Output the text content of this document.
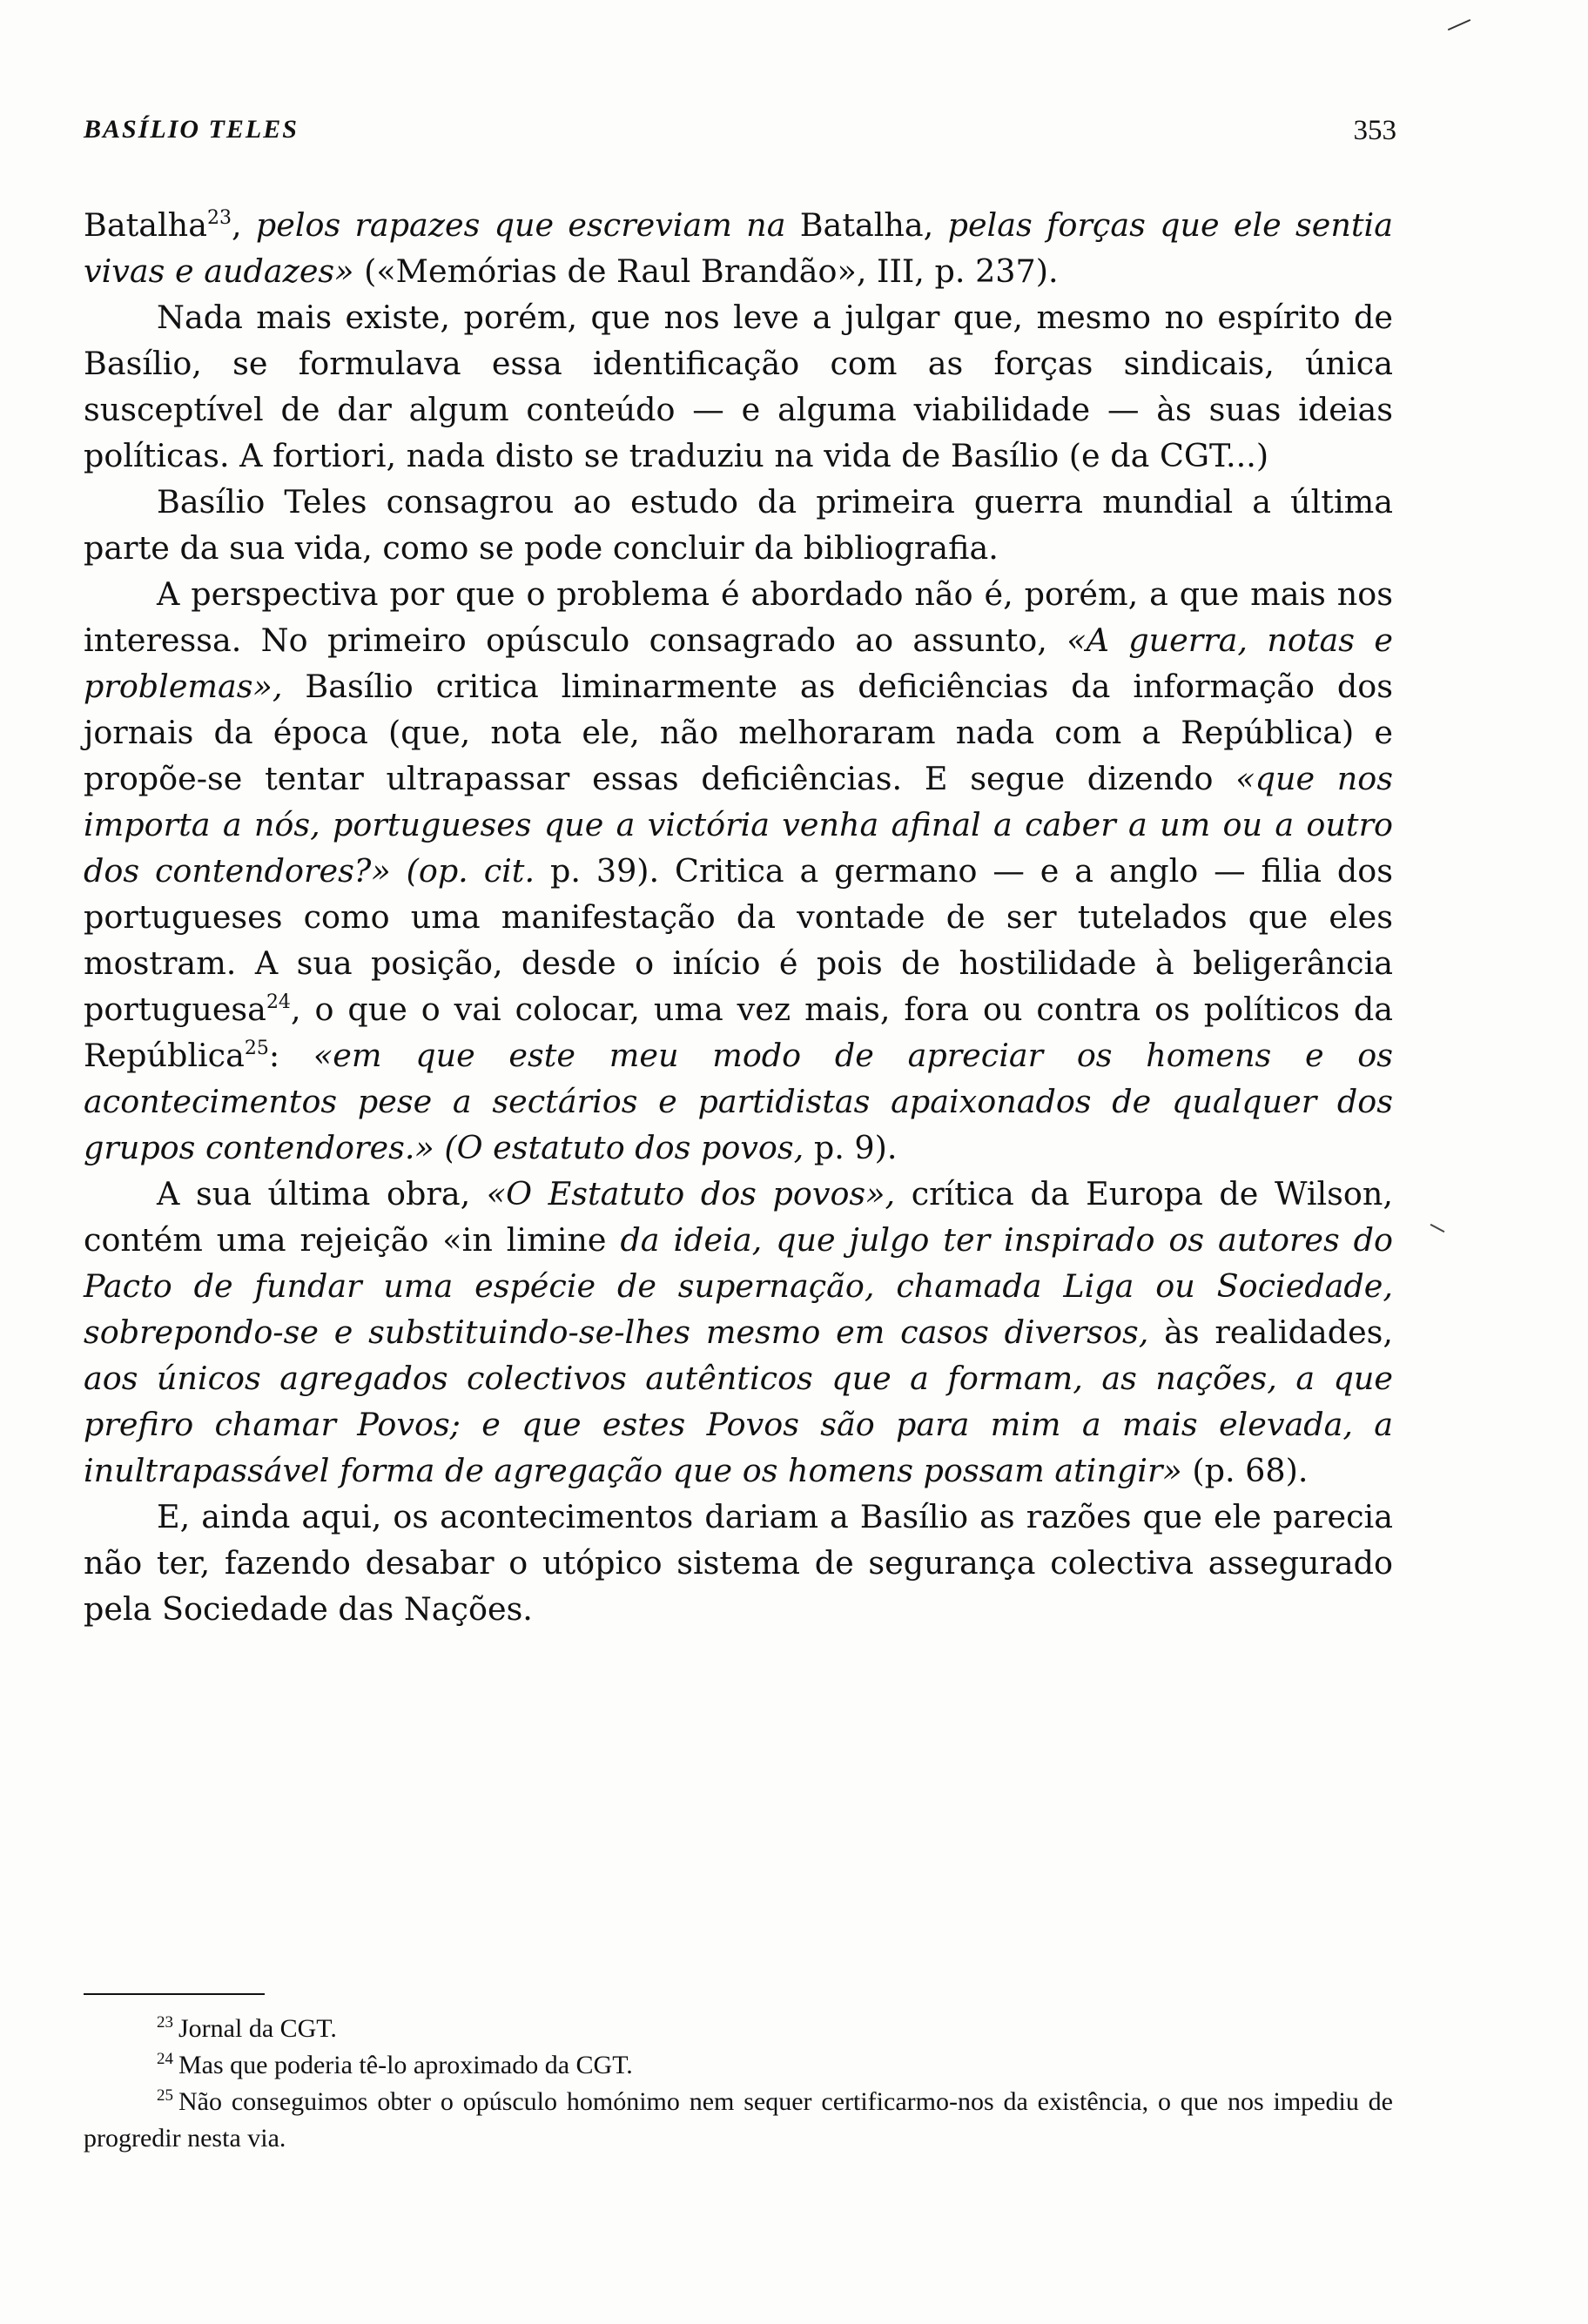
BASÍLIO TELES	353

Batalha$^{23}$, pelos rapazes que escreviam na Batalha, pelas forças que ele sentia vivas e audazes» («Memórias de Raul Brandão», III, p. 237).

Nada mais existe, porém, que nos leve a julgar que, mesmo no espírito de Basílio, se formulava essa identificação com as forças sindicais, única susceptível de dar algum conteúdo — e alguma viabilidade — às suas ideias políticas. A fortiori, nada disto se traduziu na vida de Basílio (e da CGT...)

Basílio Teles consagrou ao estudo da primeira guerra mundial a última parte da sua vida, como se pode concluir da bibliografia.

A perspectiva por que o problema é abordado não é, porém, a que mais nos interessa. No primeiro opúsculo consagrado ao assunto, «A guerra, notas e problemas», Basílio critica liminarmente as deficiências da informação dos jornais da época (que, nota ele, não melhoraram nada com a República) e propõe-se tentar ultrapassar essas deficiências. E segue dizendo «que nos importa a nós, portugueses que a victória venha afinal a caber a um ou a outro dos contendores?» (op. cit. p. 39). Critica a germano — e a anglo — filia dos portugueses como uma manifestação da vontade de ser tutelados que eles mostram. A sua posição, desde o início é pois de hostilidade à beligerância portuguesa$^{24}$, o que o vai colocar, uma vez mais, fora ou contra os políticos da República$^{25}$: «em que este meu modo de apreciar os homens e os acontecimentos pese a sectários e partidistas apaixonados de qualquer dos grupos contendores.» (O estatuto dos povos, p. 9).

A sua última obra, «O Estatuto dos povos», crítica da Europa de Wilson, contém uma rejeição «in limine da ideia, que julgo ter inspirado os autores do Pacto de fundar uma espécie de supernação, chamada Liga ou Sociedade, sobrepondo-se e substituindo-se-lhes mesmo em casos diversos, às realidades, aos únicos agregados colectivos autênticos que a formam, as nações, a que prefiro chamar Povos; e que estes Povos são para mim a mais elevada, a inultrapassável forma de agregação que os homens possam atingir» (p. 68).

E, ainda aqui, os acontecimentos dariam a Basílio as razões que ele parecia não ter, fazendo desabar o utópico sistema de segurança colectiva assegurado pela Sociedade das Nações.

$^{23}$ Jornal da CGT.

$^{24}$ Mas que poderia tê-lo aproximado da CGT.

$^{25}$ Não conseguimos obter o opúsculo homónimo nem sequer certificarmo-nos da existência, o que nos impediu de progredir nesta via.
